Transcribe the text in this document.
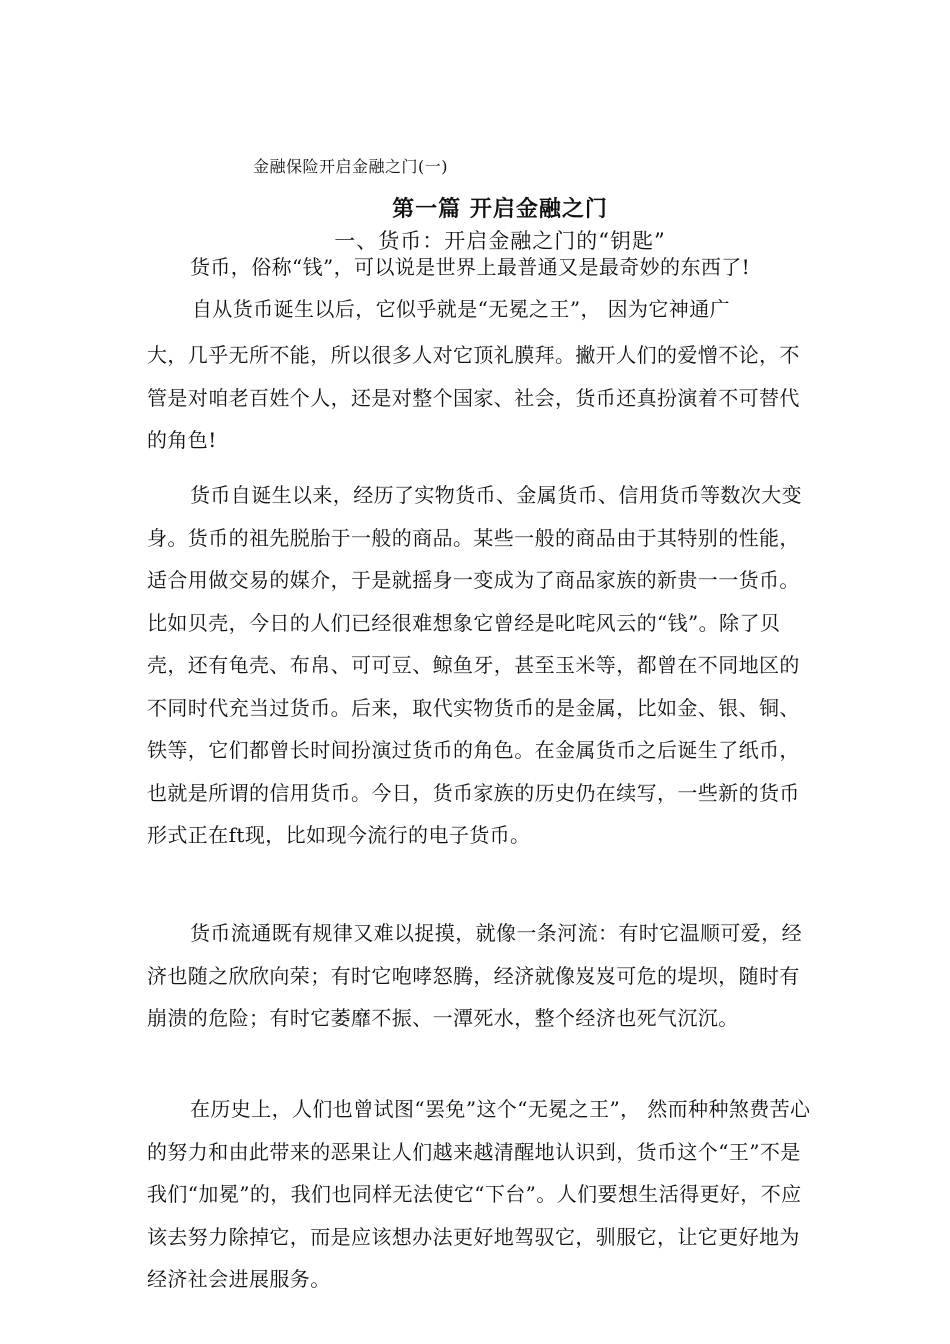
金融保险开启金融之门(一)
第一篇 开启金融之门
一、货币：开启金融之门的“钥匙”
货币，俗称“钱”，可以说是世界上最普通又是最奇妙的东西了!
自从货币诞生以后，它似乎就是“无冕之王”， 因为它神通广

大，几乎无所不能，所以很多人对它顶礼膜拜。撇开人们的爱憎不论，不管是对咱老百姓个人，还是对整个国家、社会，货币还真扮演着不可替代的角色!

货币自诞生以来，经历了实物货币、金属货币、信用货币等数次大变身。货币的祖先脱胎于一般的商品。某些一般的商品由于其特别的性能，适合用做交易的媒介，于是就摇身一变成为了商品家族的新贵一一货币。比如贝壳，今日的人们已经很难想象它曾经是叱咤风云的“钱”。除了贝壳，还有龟壳、布帛、可可豆、鲸鱼牙，甚至玉米等，都曾在不同地区的不同时代充当过货币。后来，取代实物货币的是金属，比如金、银、铜、铁等，它们都曾长时间扮演过货币的角色。在金属货币之后诞生了纸币，也就是所谓的信用货币。今日，货币家族的历史仍在续写，一些新的货币形式正在ft现，比如现今流行的电子货币。

货币流通既有规律又难以捉摸，就像一条河流：有时它温顺可爱，经济也随之欣欣向荣；有时它咆哮怒腾，经济就像岌岌可危的堤坝，随时有崩溃的危险；有时它萎靡不振、一潭死水，整个经济也死气沉沉。

在历史上，人们也曾试图“罢免”这个“无冕之王”， 然而种种煞费苦心的努力和由此带来的恶果让人们越来越清醒地认识到，货币这个“王”不是我们“加冕”的，我们也同样无法使它“下台”。人们要想生活得更好，不应该去努力除掉它，而是应该想办法更好地驾驭它，驯服它，让它更好地为经济社会进展服务。
